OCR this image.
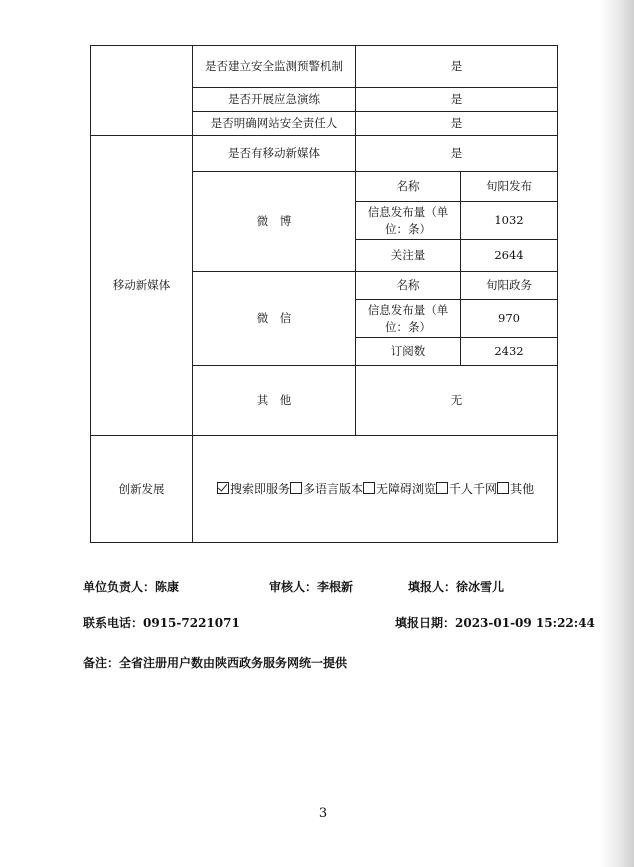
	是否建立安全监测预警机制	是	
	是否开展应急演练	是	
	是否明确网站安全责任人	是	
移动新媒体	是否有移动新媒体	是	
	微　博	名称	旬阳发布
		信息发布量（单位：条）	1032
		关注量	2644
	微　信	名称	旬阳政务
		信息发布量（单位：条）	970
		订阅数	2432
	其　他	无	
创新发展	搜索即服务 多语言版本 无障碍浏览 千人千网 其他		
单位负责人：陈康	审核人：李根新	填报人：徐冰雪儿
联系电话：0915-7221071	填报日期：2023-01-09 15:22:44
备注：全省注册用户数由陕西政务服务网统一提供
3
